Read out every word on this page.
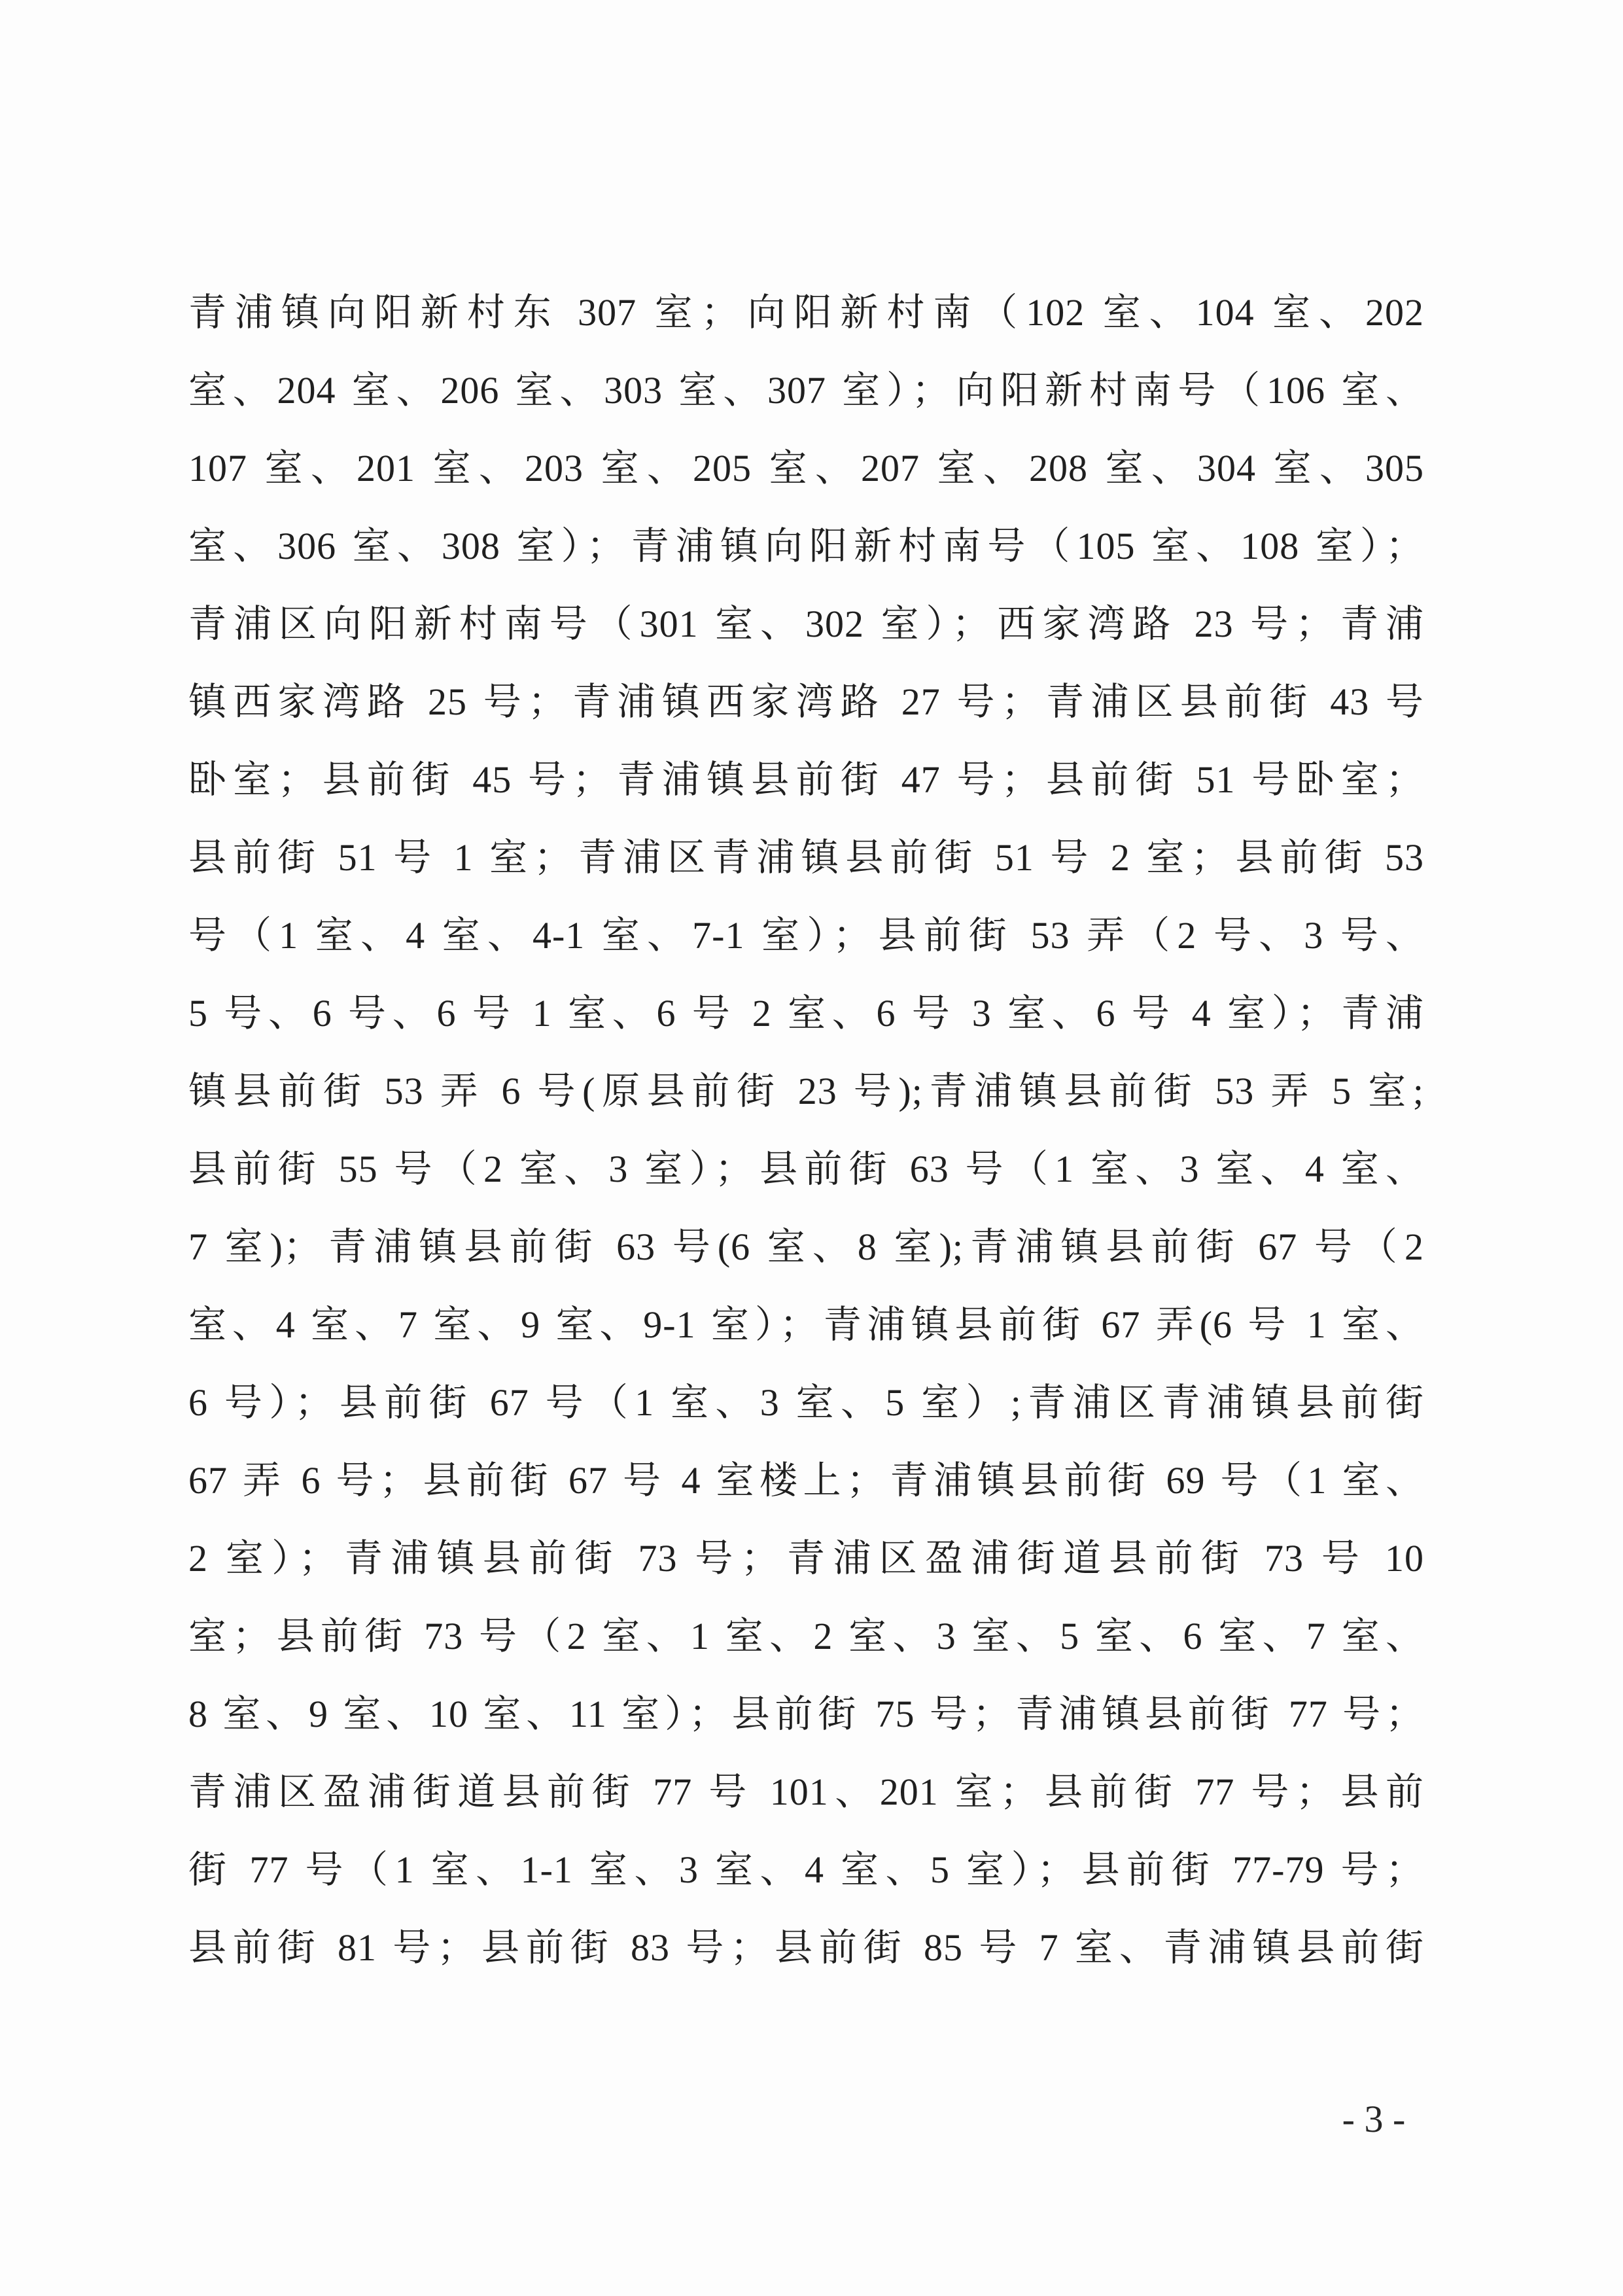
青浦镇向阳新村东 307 室；向阳新村南（102 室、104 室、202

室、204 室、206 室、303 室、307 室）；向阳新村南号（106 室、

107 室、201 室、203 室、205 室、207 室、208 室、304 室、305

室、306 室、308 室）；青浦镇向阳新村南号（105 室、108 室）；

青浦区向阳新村南号（301 室、302 室）；西家湾路 23 号；青浦

镇西家湾路 25 号；青浦镇西家湾路 27 号；青浦区县前街 43 号

卧室；县前街 45 号；青浦镇县前街 47 号；县前街 51 号卧室；

县前街 51 号 1 室；青浦区青浦镇县前街 51 号 2 室；县前街 53

号（1 室、4 室、4-1 室、7-1 室）；县前街 53 弄（2 号、3 号、

5 号、6 号、6 号 1 室、6 号 2 室、6 号 3 室、6 号 4 室）；青浦

镇县前街 53 弄 6 号(原县前街 23 号);青浦镇县前街 53 弄 5 室;

县前街 55 号（2 室、3 室）；县前街 63 号（1 室、3 室、4 室、

7 室)；青浦镇县前街 63 号(6 室、8 室);青浦镇县前街 67 号（2

室、4 室、7 室、9 室、9-1 室）；青浦镇县前街 67 弄(6 号 1 室、

6 号）；县前街 67 号（1 室、3 室、5 室）;青浦区青浦镇县前街

67 弄 6 号；县前街 67 号 4 室楼上；青浦镇县前街 69 号（1 室、

2 室）；青浦镇县前街 73 号；青浦区盈浦街道县前街 73 号 10

室；县前街 73 号（2 室、1 室、2 室、3 室、5 室、6 室、7 室、

8 室、9 室、10 室、11 室）；县前街 75 号；青浦镇县前街 77 号；

青浦区盈浦街道县前街 77 号 101、201 室；县前街 77 号；县前

街 77 号（1 室、1-1 室、3 室、4 室、5 室）；县前街 77-79 号；

县前街 81 号；县前街 83 号；县前街 85 号 7 室、青浦镇县前街

- 3 -
